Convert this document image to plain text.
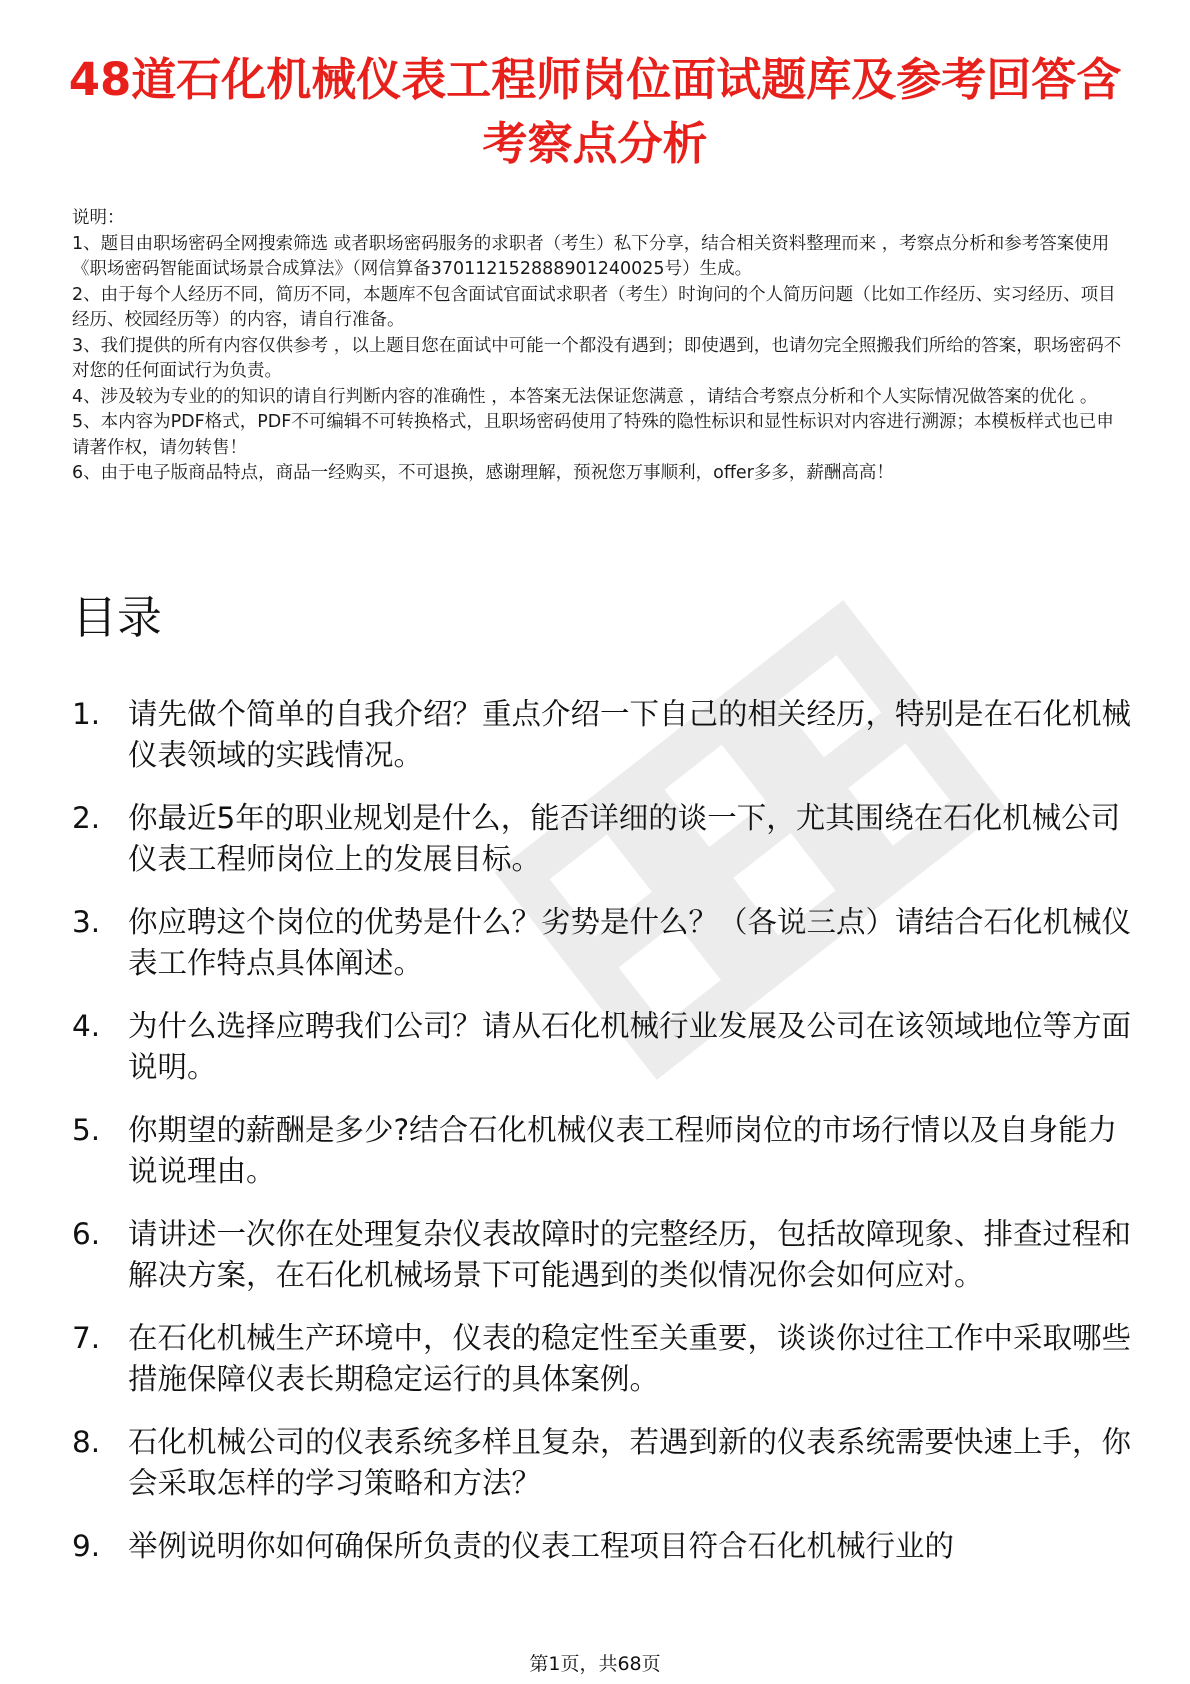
48道石化机械仪表工程师岗位面试题库及参考回答含考察点分析

说明：

1、题目由职场密码全网搜索筛选 或者职场密码服务的求职者（考生）私下分享，结合相关资料整理而来 ，考察点分析和参考答案使用《职场密码智能面试场景合成算法》（网信算备370112152888901240025号）生成。

2、由于每个人经历不同，简历不同，本题库不包含面试官面试求职者（考生）时询问的个人简历问题（比如工作经历、实习经历、项目经历、校园经历等）的内容，请自行准备。

3、我们提供的所有内容仅供参考 ，以上题目您在面试中可能一个都没有遇到；即使遇到，也请勿完全照搬我们所给的答案，职场密码不对您的任何面试行为负责。

4、涉及较为专业的的知识的请自行判断内容的准确性 ，本答案无法保证您满意 ，请结合考察点分析和个人实际情况做答案的优化 。

5、本内容为PDF格式，PDF不可编辑不可转换格式，且职场密码使用了特殊的隐性标识和显性标识对内容进行溯源；本模板样式也已申请著作权，请勿转售！

6、由于电子版商品特点，商品一经购买，不可退换，感谢理解，预祝您万事顺利，offer多多，薪酬高高！

目录
1. 请先做个简单的自我介绍？重点介绍一下自己的相关经历，特别是在石化机械仪表领域的实践情况。
2. 你最近5年的职业规划是什么，能否详细的谈一下，尤其围绕在石化机械公司仪表工程师岗位上的发展目标。
3. 你应聘这个岗位的优势是什么？劣势是什么？（各说三点）请结合石化机械仪表工作特点具体阐述。
4. 为什么选择应聘我们公司？请从石化机械行业发展及公司在该领域地位等方面说明。
5. 你期望的薪酬是多少?结合石化机械仪表工程师岗位的市场行情以及自身能力说说理由。
6. 请讲述一次你在处理复杂仪表故障时的完整经历，包括故障现象、排查过程和解决方案，在石化机械场景下可能遇到的类似情况你会如何应对。
7. 在石化机械生产环境中，仪表的稳定性至关重要，谈谈你过往工作中采取哪些措施保障仪表长期稳定运行的具体案例。
8. 石化机械公司的仪表系统多样且复杂，若遇到新的仪表系统需要快速上手，你会采取怎样的学习策略和方法？
9. 举例说明你如何确保所负责的仪表工程项目符合石化机械行业的
第1页，共68页
